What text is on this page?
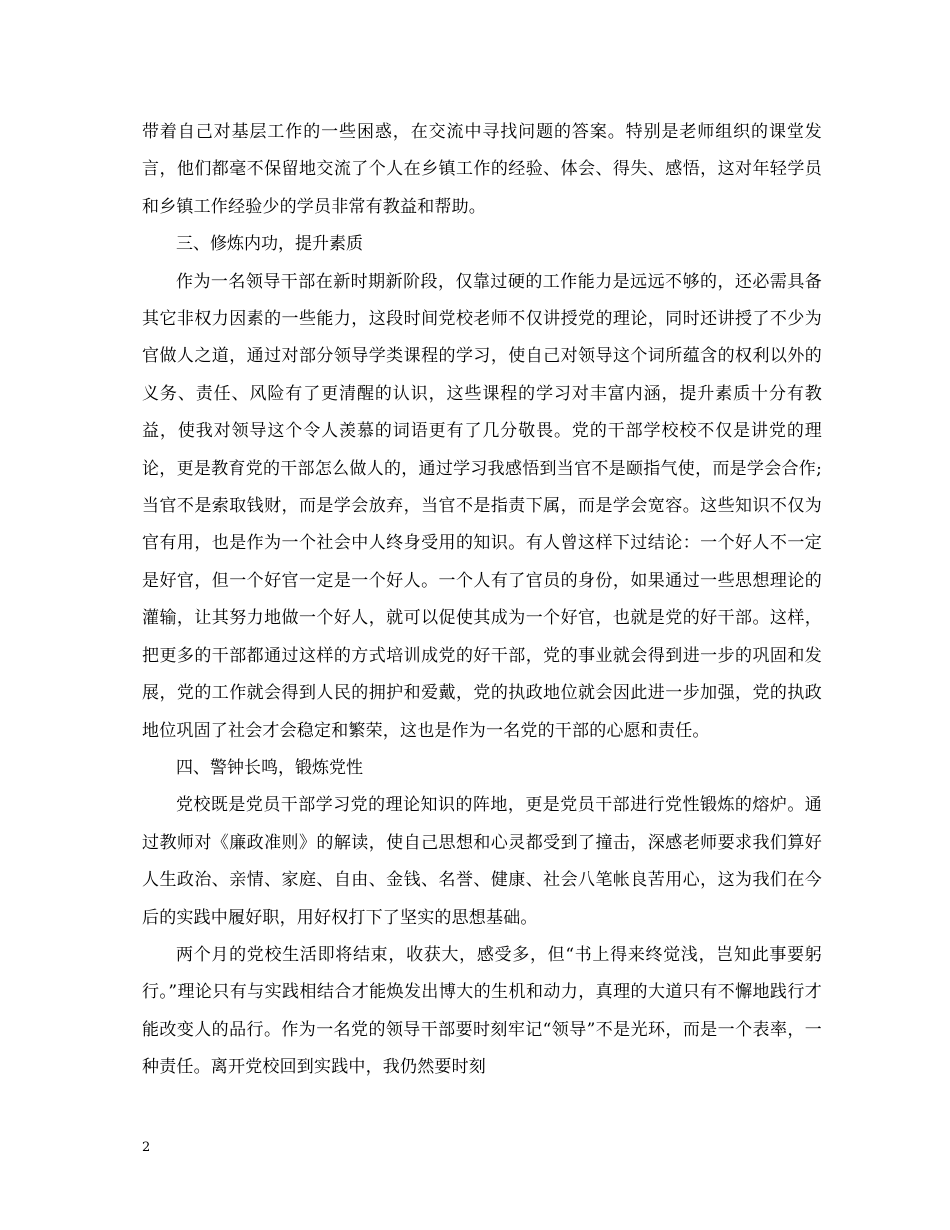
带着自己对基层工作的一些困惑，在交流中寻找问题的答案。特别是老师组织的课堂发言，他们都毫不保留地交流了个人在乡镇工作的经验、体会、得失、感悟，这对年轻学员和乡镇工作经验少的学员非常有教益和帮助。

三、修炼内功，提升素质

作为一名领导干部在新时期新阶段，仅靠过硬的工作能力是远远不够的，还必需具备其它非权力因素的一些能力，这段时间党校老师不仅讲授党的理论，同时还讲授了不少为官做人之道，通过对部分领导学类课程的学习，使自己对领导这个词所蕴含的权利以外的义务、责任、风险有了更清醒的认识，这些课程的学习对丰富内涵，提升素质十分有教益，使我对领导这个令人羡慕的词语更有了几分敬畏。党的干部学校校不仅是讲党的理论，更是教育党的干部怎么做人的，通过学习我感悟到当官不是颐指气使，而是学会合作;当官不是索取钱财，而是学会放弃，当官不是指责下属，而是学会宽容。这些知识不仅为官有用，也是作为一个社会中人终身受用的知识。有人曾这样下过结论：一个好人不一定是好官，但一个好官一定是一个好人。一个人有了官员的身份，如果通过一些思想理论的灌输，让其努力地做一个好人，就可以促使其成为一个好官，也就是党的好干部。这样，把更多的干部都通过这样的方式培训成党的好干部，党的事业就会得到进一步的巩固和发展，党的工作就会得到人民的拥护和爱戴，党的执政地位就会因此进一步加强，党的执政地位巩固了社会才会稳定和繁荣，这也是作为一名党的干部的心愿和责任。

四、警钟长鸣，锻炼党性

党校既是党员干部学习党的理论知识的阵地，更是党员干部进行党性锻炼的熔炉。通过教师对《廉政准则》的解读，使自己思想和心灵都受到了撞击，深感老师要求我们算好人生政治、亲情、家庭、自由、金钱、名誉、健康、社会八笔帐良苦用心，这为我们在今后的实践中履好职，用好权打下了坚实的思想基础。

两个月的党校生活即将结束，收获大，感受多，但“书上得来终觉浅，岂知此事要躬行。”理论只有与实践相结合才能焕发出博大的生机和动力，真理的大道只有不懈地践行才能改变人的品行。作为一名党的领导干部要时刻牢记“领导”不是光环，而是一个表率，一种责任。离开党校回到实践中，我仍然要时刻

2
